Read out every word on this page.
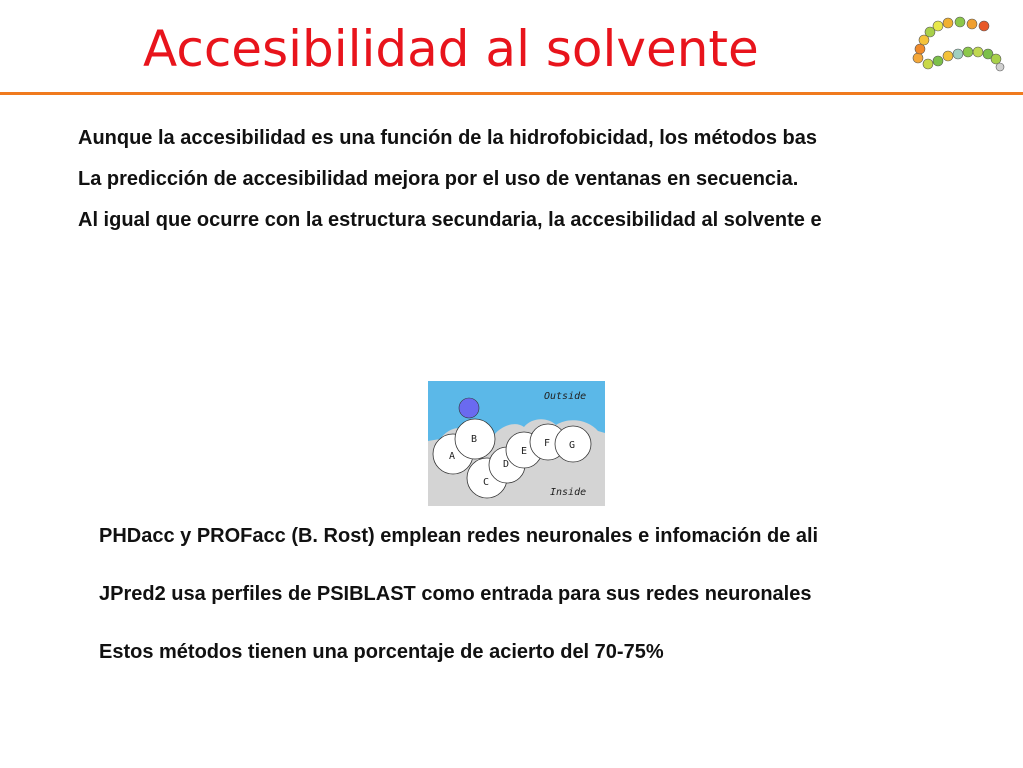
Accesibilidad al solvente

Aunque la accesibilidad es una función de la hidrofobicidad, los métodos bas

La predicción de accesibilidad mejora por el uso de ventanas en secuencia.

Al igual que ocurre con la estructura secundaria, la accesibilidad al solvente e

Outside
Inside
A
B
C
D
E
F G

PHDacc y PROFacc (B. Rost) emplean redes neuronales e infomación de ali

JPred2 usa perfiles de PSIBLAST como entrada para sus redes neuronales

Estos métodos tienen una porcentaje de acierto del 70-75%
